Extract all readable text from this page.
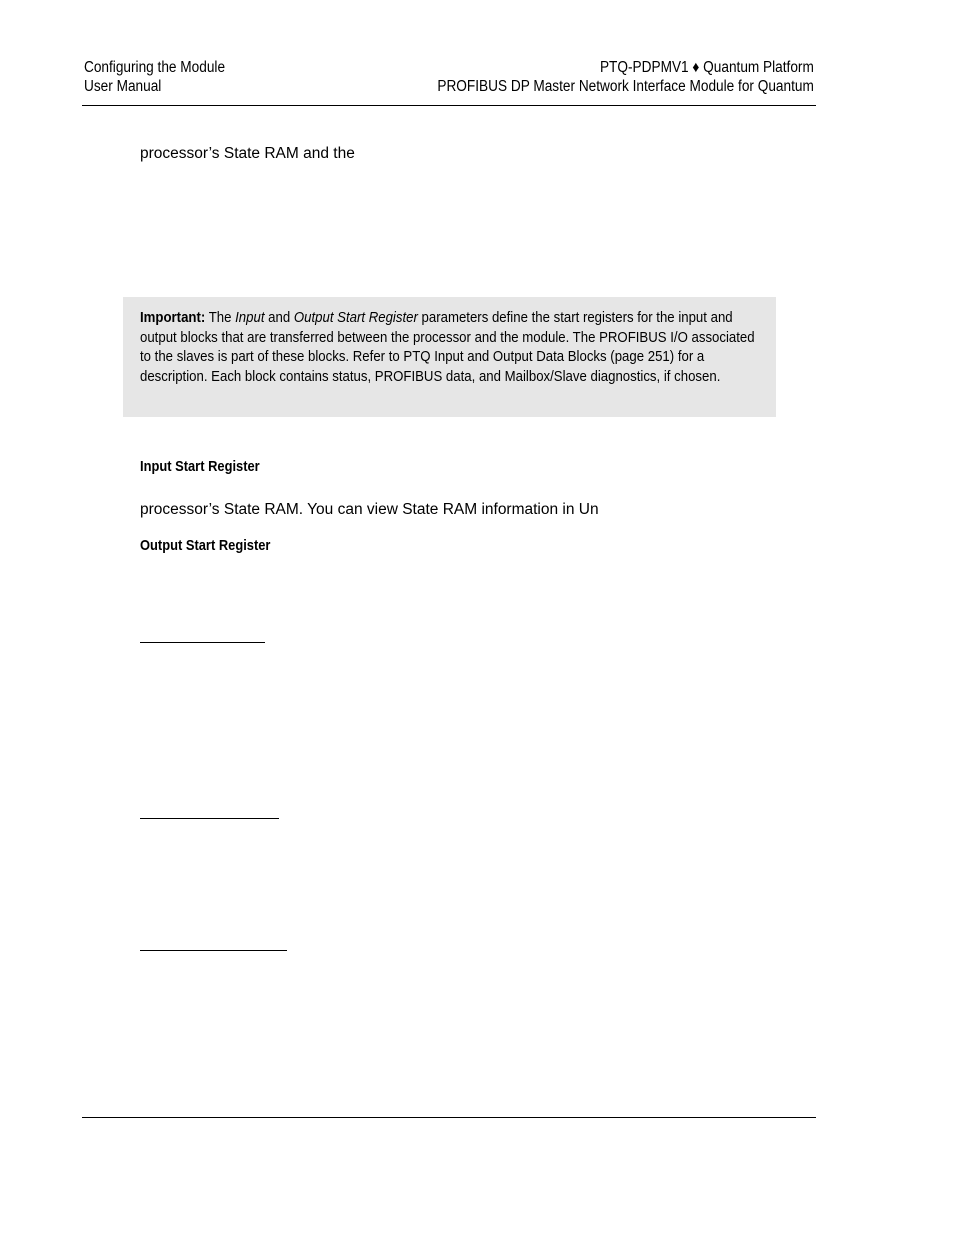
Configuring the Module
User Manual
PTQ-PDPMV1 ♦ Quantum Platform
PROFIBUS DP Master Network Interface Module for Quantum
processor’s State RAM and the
Important: The Input and Output Start Register parameters define the start registers for the input and output blocks that are transferred between the processor and the module. The PROFIBUS I/O associated to the slaves is part of these blocks. Refer to PTQ Input and Output Data Blocks (page 251) for a description. Each block contains status, PROFIBUS data, and Mailbox/Slave diagnostics, if chosen.
Input Start Register
processor’s State RAM. You can view State RAM information in Un
Output Start Register
